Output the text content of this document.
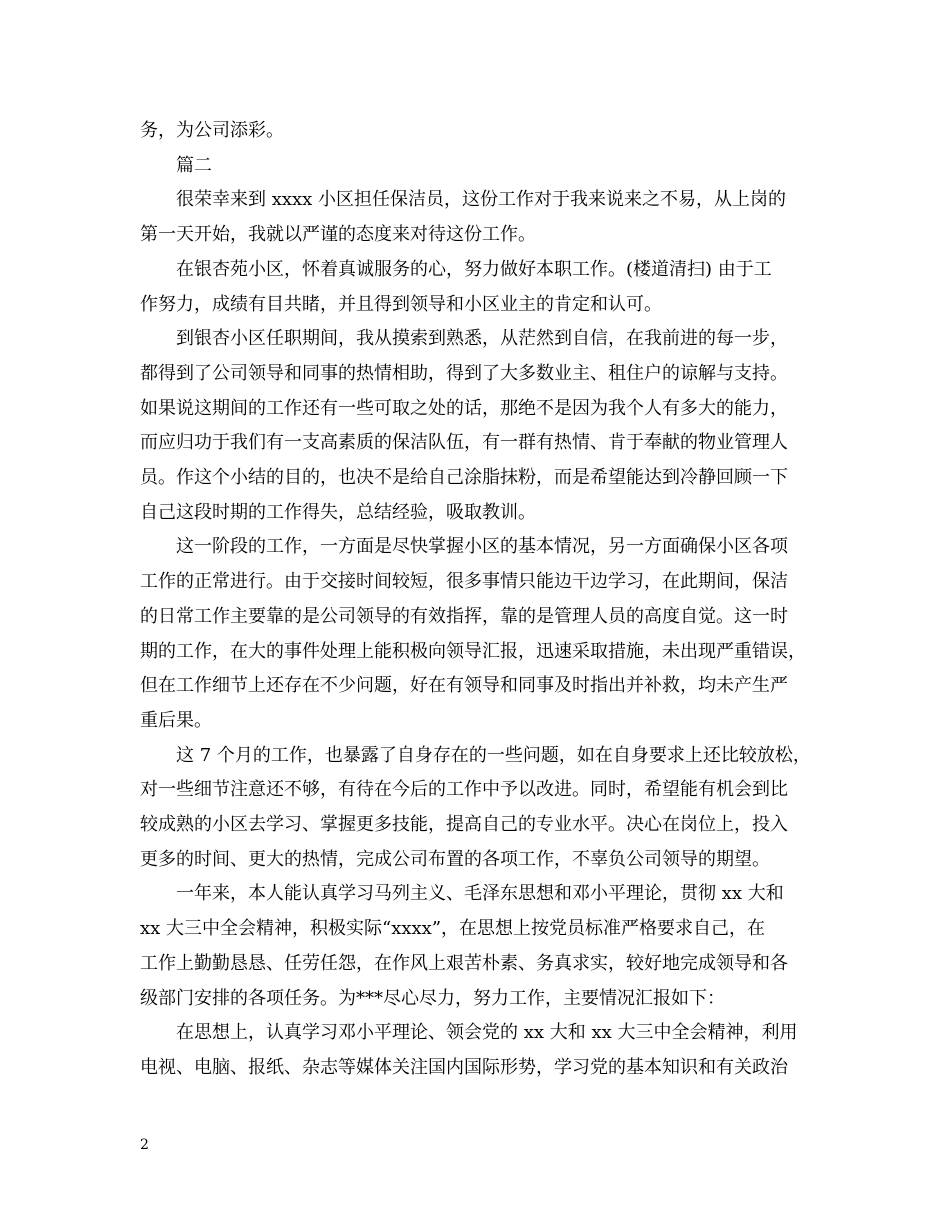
务，为公司添彩。

篇二

很荣幸来到 xxxx 小区担任保洁员，这份工作对于我来说来之不易，从上岗的

第一天开始，我就以严谨的态度来对待这份工作。

在银杏苑小区，怀着真诚服务的心，努力做好本职工作。(楼道清扫) 由于工

作努力，成绩有目共睹，并且得到领导和小区业主的肯定和认可。

到银杏小区任职期间，我从摸索到熟悉，从茫然到自信，在我前进的每一步，

都得到了公司领导和同事的热情相助，得到了大多数业主、租住户的谅解与支持。

如果说这期间的工作还有一些可取之处的话，那绝不是因为我个人有多大的能力，

而应归功于我们有一支高素质的保洁队伍，有一群有热情、肯于奉献的物业管理人

员。作这个小结的目的，也决不是给自己涂脂抹粉，而是希望能达到冷静回顾一下

自己这段时期的工作得失，总结经验，吸取教训。

这一阶段的工作，一方面是尽快掌握小区的基本情况，另一方面确保小区各项

工作的正常进行。由于交接时间较短，很多事情只能边干边学习，在此期间，保洁

的日常工作主要靠的是公司领导的有效指挥，靠的是管理人员的高度自觉。这一时

期的工作，在大的事件处理上能积极向领导汇报，迅速采取措施，未出现严重错误，

但在工作细节上还存在不少问题，好在有领导和同事及时指出并补救，均未产生严

重后果。

这 7 个月的工作，也暴露了自身存在的一些问题，如在自身要求上还比较放松，

对一些细节注意还不够，有待在今后的工作中予以改进。同时，希望能有机会到比

较成熟的小区去学习、掌握更多技能，提高自己的专业水平。决心在岗位上，投入

更多的时间、更大的热情，完成公司布置的各项工作，不辜负公司领导的期望。

一年来，本人能认真学习马列主义、毛泽东思想和邓小平理论，贯彻 xx 大和

xx 大三中全会精神，积极实际“xxxx”，在思想上按党员标准严格要求自己，在

工作上勤勤恳恳、任劳任怨，在作风上艰苦朴素、务真求实，较好地完成领导和各

级部门安排的各项任务。为***尽心尽力，努力工作，主要情况汇报如下：

在思想上，认真学习邓小平理论、领会党的 xx 大和 xx 大三中全会精神，利用

电视、电脑、报纸、杂志等媒体关注国内国际形势，学习党的基本知识和有关政治

2
